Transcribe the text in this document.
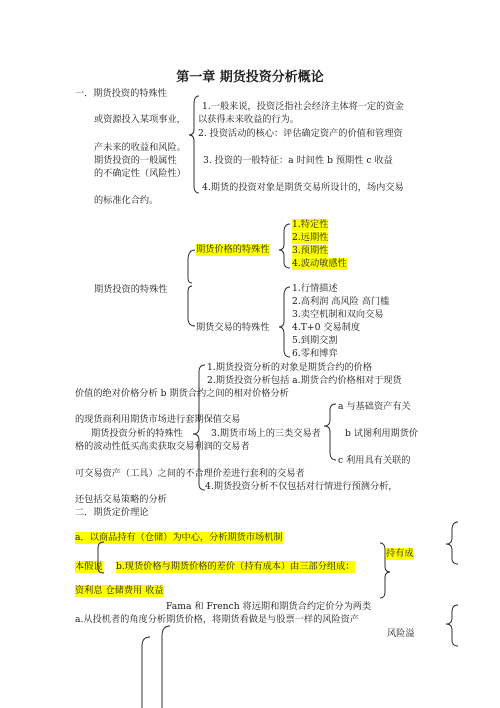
第一章 期货投资分析概论
一．期货投资的特殊性
1.一般来说，投资泛指社会经济主体将一定的资金
或资源投入某项事业， 以获得未来收益的行为。
2. 投资活动的核心：评估确定资产的价值和管理资
产未来的收益和风险。
期货投资的一般属性	3. 投资的一般特征：a 时间性 b 预期性 c 收益
的不确定性（风险性）
4.期货的投资对象是期货交易所设计的，场内交易
的标准化合约。
期货投资的特殊性
期货价格的特殊性
1.特定性
2.远期性
3.预期性
4.波动敏感性
期货交易的特殊性
1.行情描述
2.高利润 高风险 高门槛
3.卖空机制和双向交易
4.T+0 交易制度
5.到期交割
6.零和博弈
1.期货投资分析的对象是期货合约的价格
2.期货投资分析包括 a.期货合约价格相对于现货
价值的绝对价格分析 b 期货合约之间的相对价格分析
a 与基础资产有关
的现货商利用期货市场进行套期保值交易
期货投资分析的特殊性	3.期货市场上的三类交易者	b 试图利用期货价
格的波动性低买高卖获取交易利润的交易者
c 利用具有关联的
可交易资产（工具）之间的不合理价差进行套利的交易者
4.期货投资分析不仅包括对行情进行预测分析，
还包括交易策略的分析
二．期货定价理论
a．以商品持有（仓储）为中心，分析期货市场机制
持有成
本假说 b.现货价格与期货价格的差价（持有成本）由三部分组成：
资利息 仓储费用 收益
Fama 和 French 将远期和期货合约定价分为两类
a.从投机者的角度分析期货价格，将期货看做是与股票一样的风险资产
风险溢
